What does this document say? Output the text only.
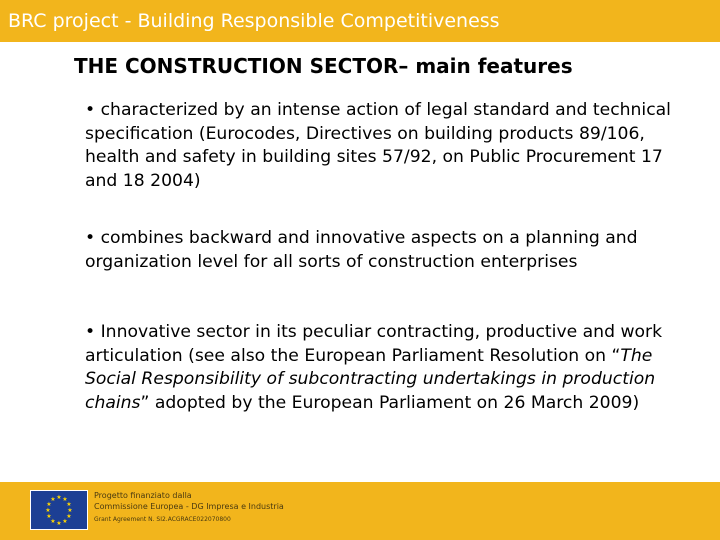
BRC project - Building Responsible Competitiveness
THE CONSTRUCTION SECTOR– main features
• characterized by an intense action of legal standard and technical specification (Eurocodes, Directives on building products 89/106, health and safety in building sites 57/92, on Public Procurement 17 and 18 2004)
• combines backward and innovative aspects on a planning and organization level for all sorts of construction enterprises
• Innovative sector in its peculiar contracting, productive and work articulation (see also the European Parliament Resolution on “The Social Responsibility of subcontracting undertakings in production chains” adopted by the European Parliament on 26 March 2009)
★ ★
★
★
★
★
★
★
★
★
★
★	Progetto finanziato dalla
Commissione Europea - DG Impresa e Industria
Grant Agreement N. SI2.ACGRACE022070800
